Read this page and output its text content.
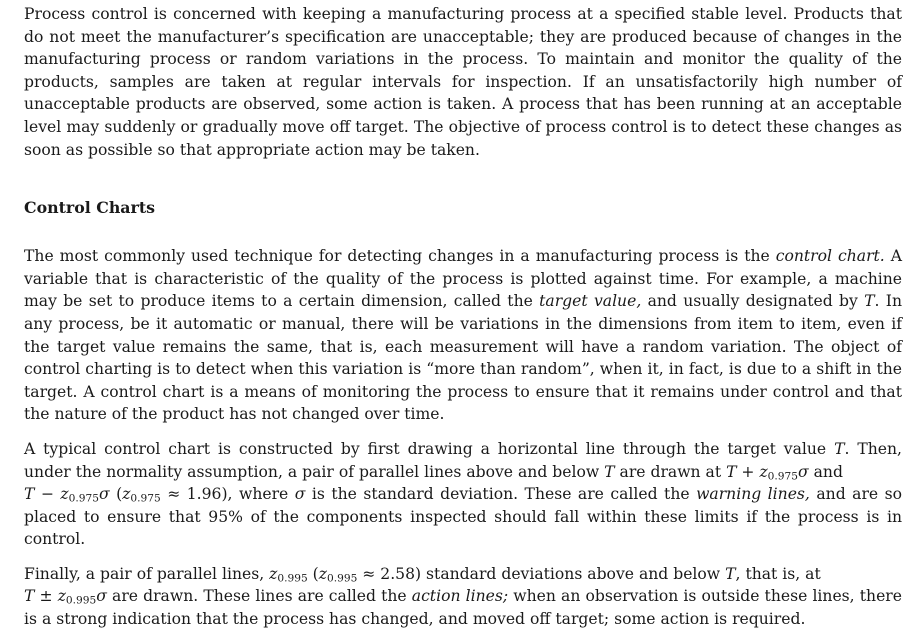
Process control is concerned with keeping a manufacturing process at a specified stable level. Products that do not meet the manufacturer’s specification are unacceptable; they are produced because of changes in the manufacturing process or random variations in the process. To maintain and monitor the quality of the products, samples are taken at regular intervals for inspection. If an unsatisfactorily high number of unacceptable products are observed, some action is taken. A process that has been running at an acceptable level may suddenly or gradually move off target. The objective of process control is to detect these changes as soon as possible so that appropriate action may be taken.

Control Charts

The most commonly used technique for detecting changes in a manufacturing process is the control chart. A variable that is characteristic of the quality of the process is plotted against time. For example, a machine may be set to produce items to a certain dimension, called the target value, and usually designated by T. In any process, be it automatic or manual, there will be variations in the dimensions from item to item, even if the target value remains the same, that is, each measurement will have a random variation. The object of control charting is to detect when this variation is “more than random”, when it, in fact, is due to a shift in the target. A control chart is a means of monitoring the process to ensure that it remains under control and that the nature of the product has not changed over time.

A typical control chart is constructed by first drawing a horizontal line through the target value T. Then, under the normality assumption, a pair of parallel lines above and below T are drawn at $T + z_{0.975}\sigma$ and
$T - z_{0.975}\sigma$ $(z_{0.975} \approx 1.96)$, where σ is the standard deviation. These are called the warning lines, and are so placed to ensure that 95% of the components inspected should fall within these limits if the process is in control.

Finally, a pair of parallel lines, $z_{0.995}$ $(z_{0.995} \approx 2.58)$ standard deviations above and below T, that is, at
$T \pm z_{0.995}\sigma$ are drawn. These lines are called the action lines; when an observation is outside these lines, there is a strong indication that the process has changed, and moved off target; some action is required.
